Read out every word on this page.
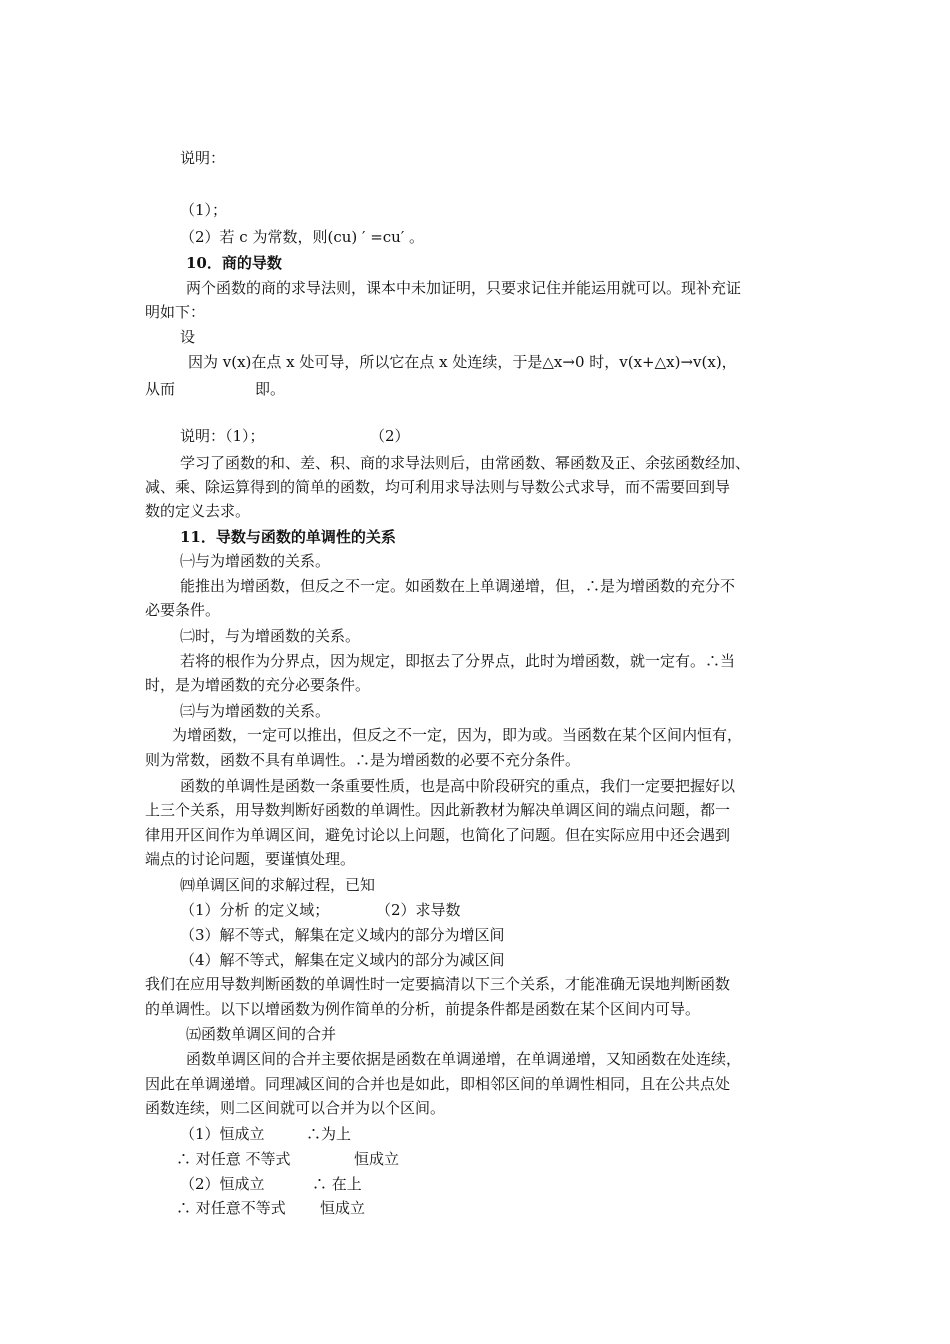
说明：
（1）；
（2）若 c 为常数，则(cu) ′ =cu′ 。
10．商的导数
两个函数的商的求导法则，课本中未加证明，只要求记住并能运用就可以。现补充证
明如下：
设
因为 v(x)在点 x 处可导，所以它在点 x 处连续，于是△x→0 时，v(x+△x)→v(x)，
从而	即。
说明：（1）；	（2）
学习了函数的和、差、积、商的求导法则后，由常函数、幂函数及正、余弦函数经加、
减、乘、除运算得到的简单的函数，均可利用求导法则与导数公式求导，而不需要回到导
数的定义去求。
11．导数与函数的单调性的关系
㈠与为增函数的关系。
能推出为增函数，但反之不一定。如函数在上单调递增，但，∴是为增函数的充分不
必要条件。
㈡时，与为增函数的关系。
若将的根作为分界点，因为规定，即抠去了分界点，此时为增函数，就一定有。∴当
时，是为增函数的充分必要条件。
㈢与为增函数的关系。
为增函数，一定可以推出，但反之不一定，因为，即为或。当函数在某个区间内恒有，
则为常数，函数不具有单调性。∴是为增函数的必要不充分条件。
函数的单调性是函数一条重要性质，也是高中阶段研究的重点，我们一定要把握好以
上三个关系，用导数判断好函数的单调性。因此新教材为解决单调区间的端点问题，都一
律用开区间作为单调区间，避免讨论以上问题，也简化了问题。但在实际应用中还会遇到
端点的讨论问题，要谨慎处理。
㈣单调区间的求解过程，已知
（1）分析 的定义域；	（2）求导数
（3）解不等式，解集在定义域内的部分为增区间
（4）解不等式，解集在定义域内的部分为减区间
我们在应用导数判断函数的单调性时一定要搞清以下三个关系，才能准确无误地判断函数
的单调性。以下以增函数为例作简单的分析，前提条件都是函数在某个区间内可导。
㈤函数单调区间的合并
函数单调区间的合并主要依据是函数在单调递增，在单调递增，又知函数在处连续，
因此在单调递增。同理减区间的合并也是如此，即相邻区间的单调性相同，且在公共点处
函数连续，则二区间就可以合并为以个区间。
（1）恒成立	∴为上
∴ 对任意 不等式	恒成立
（2）恒成立	∴ 在上
∴ 对任意不等式 恒成立
